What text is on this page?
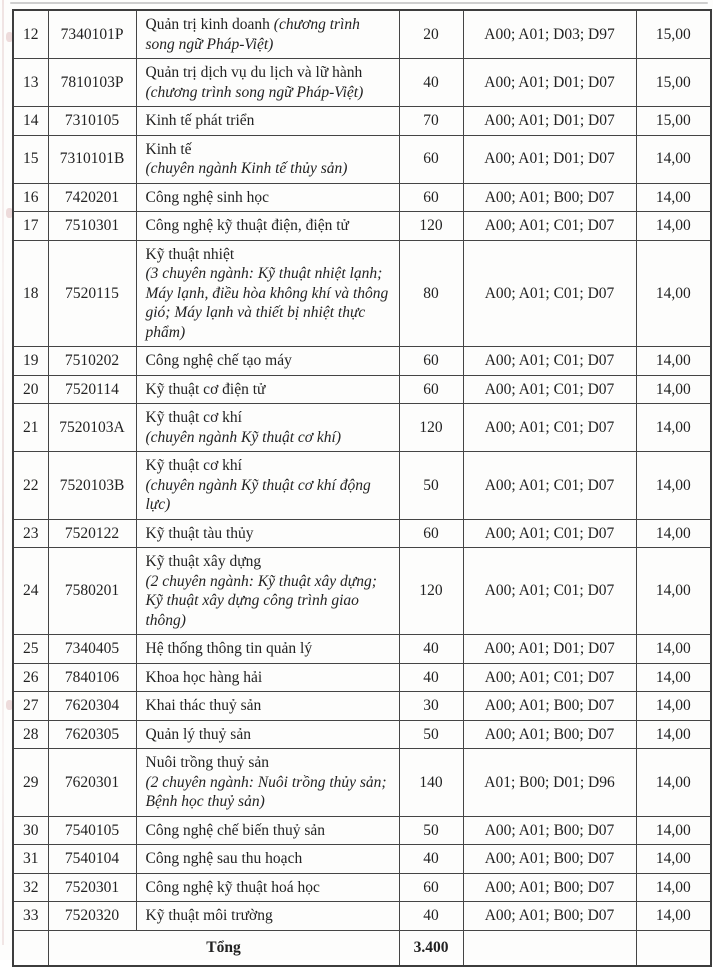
12	7340101P	Quản trị kinh doanh (chương trình song ngữ Pháp-Việt)	20	A00; A01; D03; D97	15,00
13	7810103P	Quản trị dịch vụ du lịch và lữ hành
(chương trình song ngữ Pháp-Việt)	40	A00; A01; D01; D07	15,00
14	7310105	Kinh tế phát triển	70	A00; A01; D01; D07	15,00
15	7310101B	Kinh tế
(chuyên ngành Kinh tế thủy sản)	60	A00; A01; D01; D07	14,00
16	7420201	Công nghệ sinh học	60	A00; A01; B00; D07	14,00
17	7510301	Công nghệ kỹ thuật điện, điện tử	120	A00; A01; C01; D07	14,00
18	7520115	Kỹ thuật nhiệt
(3 chuyên ngành: Kỹ thuật nhiệt lạnh; Máy lạnh, điều hòa không khí và thông gió; Máy lạnh và thiết bị nhiệt thực phẩm)	80	A00; A01; C01; D07	14,00
19	7510202	Công nghệ chế tạo máy	60	A00; A01; C01; D07	14,00
20	7520114	Kỹ thuật cơ điện tử	60	A00; A01; C01; D07	14,00
21	7520103A	Kỹ thuật cơ khí
(chuyên ngành Kỹ thuật cơ khí)	120	A00; A01; C01; D07	14,00
22	7520103B	Kỹ thuật cơ khí
(chuyên ngành Kỹ thuật cơ khí động lực)	50	A00; A01; C01; D07	14,00
23	7520122	Kỹ thuật tàu thủy	60	A00; A01; C01; D07	14,00
24	7580201	Kỹ thuật xây dựng
(2 chuyên ngành: Kỹ thuật xây dựng; Kỹ thuật xây dựng công trình giao thông)	120	A00; A01; C01; D07	14,00
25	7340405	Hệ thống thông tin quản lý	40	A00; A01; D01; D07	14,00
26	7840106	Khoa học hàng hải	40	A00; A01; C01; D07	14,00
27	7620304	Khai thác thuỷ sản	30	A00; A01; B00; D07	14,00
28	7620305	Quản lý thuỷ sản	50	A00; A01; B00; D07	14,00
29	7620301	Nuôi trồng thuỷ sản
(2 chuyên ngành: Nuôi trồng thủy sản; Bệnh học thuỷ sản)	140	A01; B00; D01; D96	14,00
30	7540105	Công nghệ chế biến thuỷ sản	50	A00; A01; B00; D07	14,00
31	7540104	Công nghệ sau thu hoạch	40	A00; A01; B00; D07	14,00
32	7520301	Công nghệ kỹ thuật hoá học	60	A00; A01; B00; D07	14,00
33	7520320	Kỹ thuật môi trường	40	A00; A01; B00; D07	14,00
	Tổng		3.400		
